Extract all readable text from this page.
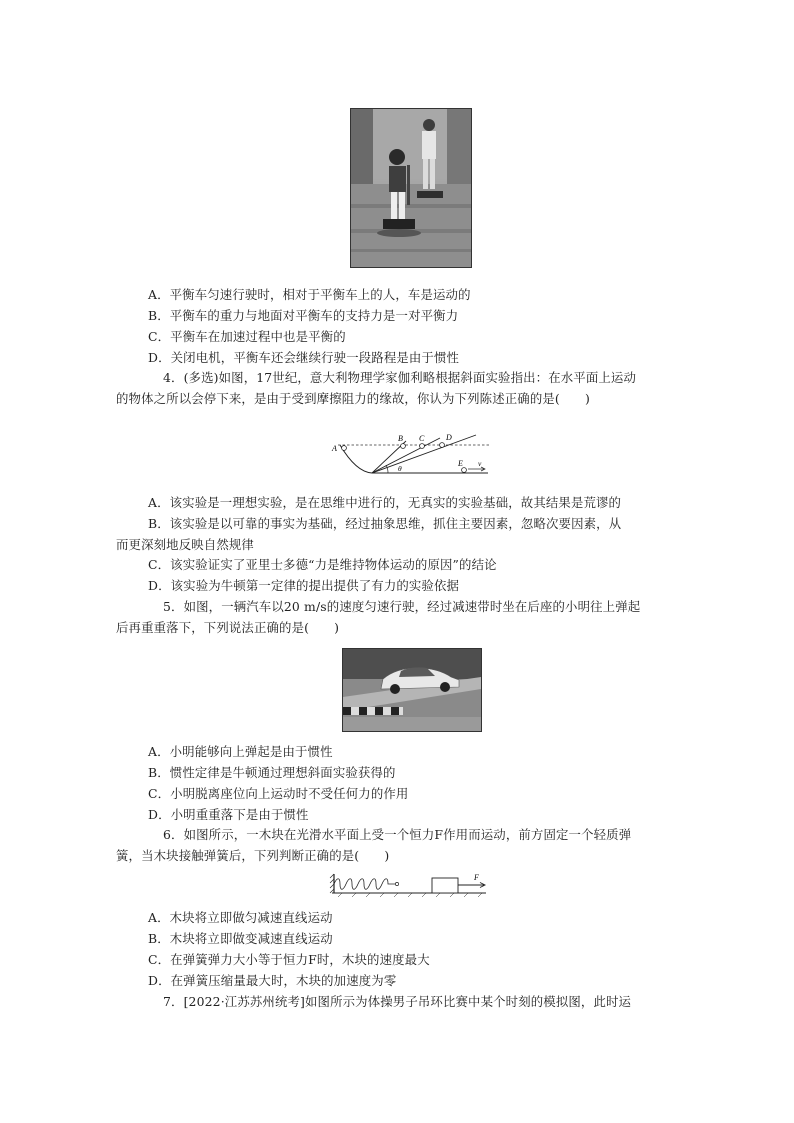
A．平衡车匀速行驶时，相对于平衡车上的人，车是运动的
B．平衡车的重力与地面对平衡车的支持力是一对平衡力
C．平衡车在加速过程中也是平衡的
D．关闭电机，平衡车还会继续行驶一段路程是由于惯性
4．(多选)如图，17世纪，意大利物理学家伽利略根据斜面实验指出：在水平面上运动
的物体之所以会停下来，是由于受到摩擦阻力的缘故，你认为下列陈述正确的是(　　)
A
B C	D
E
θ
v
A．该实验是一理想实验，是在思维中进行的，无真实的实验基础，故其结果是荒谬的
B．该实验是以可靠的事实为基础，经过抽象思维，抓住主要因素，忽略次要因素，从
而更深刻地反映自然规律
C．该实验证实了亚里士多德“力是维持物体运动的原因”的结论
D．该实验为牛顿第一定律的提出提供了有力的实验依据
5．如图，一辆汽车以20 m/s的速度匀速行驶，经过减速带时坐在后座的小明往上弹起
后再重重落下，下列说法正确的是(　　)
A．小明能够向上弹起是由于惯性
B．惯性定律是牛顿通过理想斜面实验获得的
C．小明脱离座位向上运动时不受任何力的作用
D．小明重重落下是由于惯性
6．如图所示，一木块在光滑水平面上受一个恒力F作用而运动，前方固定一个轻质弹
簧，当木块接触弹簧后，下列判断正确的是(　　)
F
A．木块将立即做匀减速直线运动
B．木块将立即做变减速直线运动
C．在弹簧弹力大小等于恒力F时，木块的速度最大
D．在弹簧压缩量最大时，木块的加速度为零
7．[2022·江苏苏州统考]如图所示为体操男子吊环比赛中某个时刻的模拟图，此时运
